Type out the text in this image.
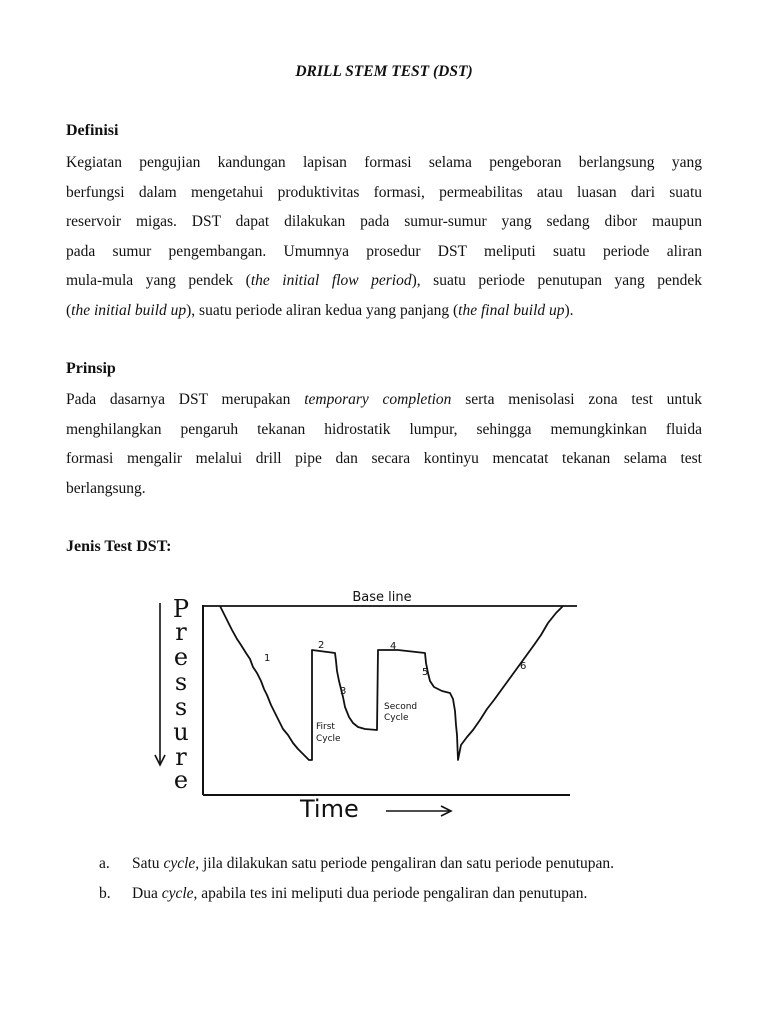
DRILL STEM TEST (DST)
Definisi
Kegiatan pengujian kandungan lapisan formasi selama pengeboran berlangsung yang
berfungsi dalam mengetahui produktivitas formasi, permeabilitas atau luasan dari suatu
reservoir migas. DST dapat dilakukan pada sumur-sumur yang sedang dibor maupun
pada sumur pengembangan. Umumnya prosedur DST meliputi suatu periode aliran
mula-mula yang pendek (the initial flow period), suatu periode penutupan yang pendek
(the initial build up), suatu periode aliran kedua yang panjang (the final build up).
Prinsip
Pada dasarnya DST merupakan temporary completion serta menisolasi zona test untuk
menghilangkan pengaruh tekanan hidrostatik lumpur, sehingga memungkinkan fluida
formasi mengalir melalui drill pipe dan secara kontinyu mencatat tekanan selama test
berlangsung.
Jenis Test DST:
P
r
e
s
s
u
r
e
Base line
1
2
3
4
5
6
First
Cycle
Second
Cycle
Time
a. Satu cycle, jila dilakukan satu periode pengaliran dan satu periode penutupan.
b. Dua cycle, apabila tes ini meliputi dua periode pengaliran dan penutupan.
